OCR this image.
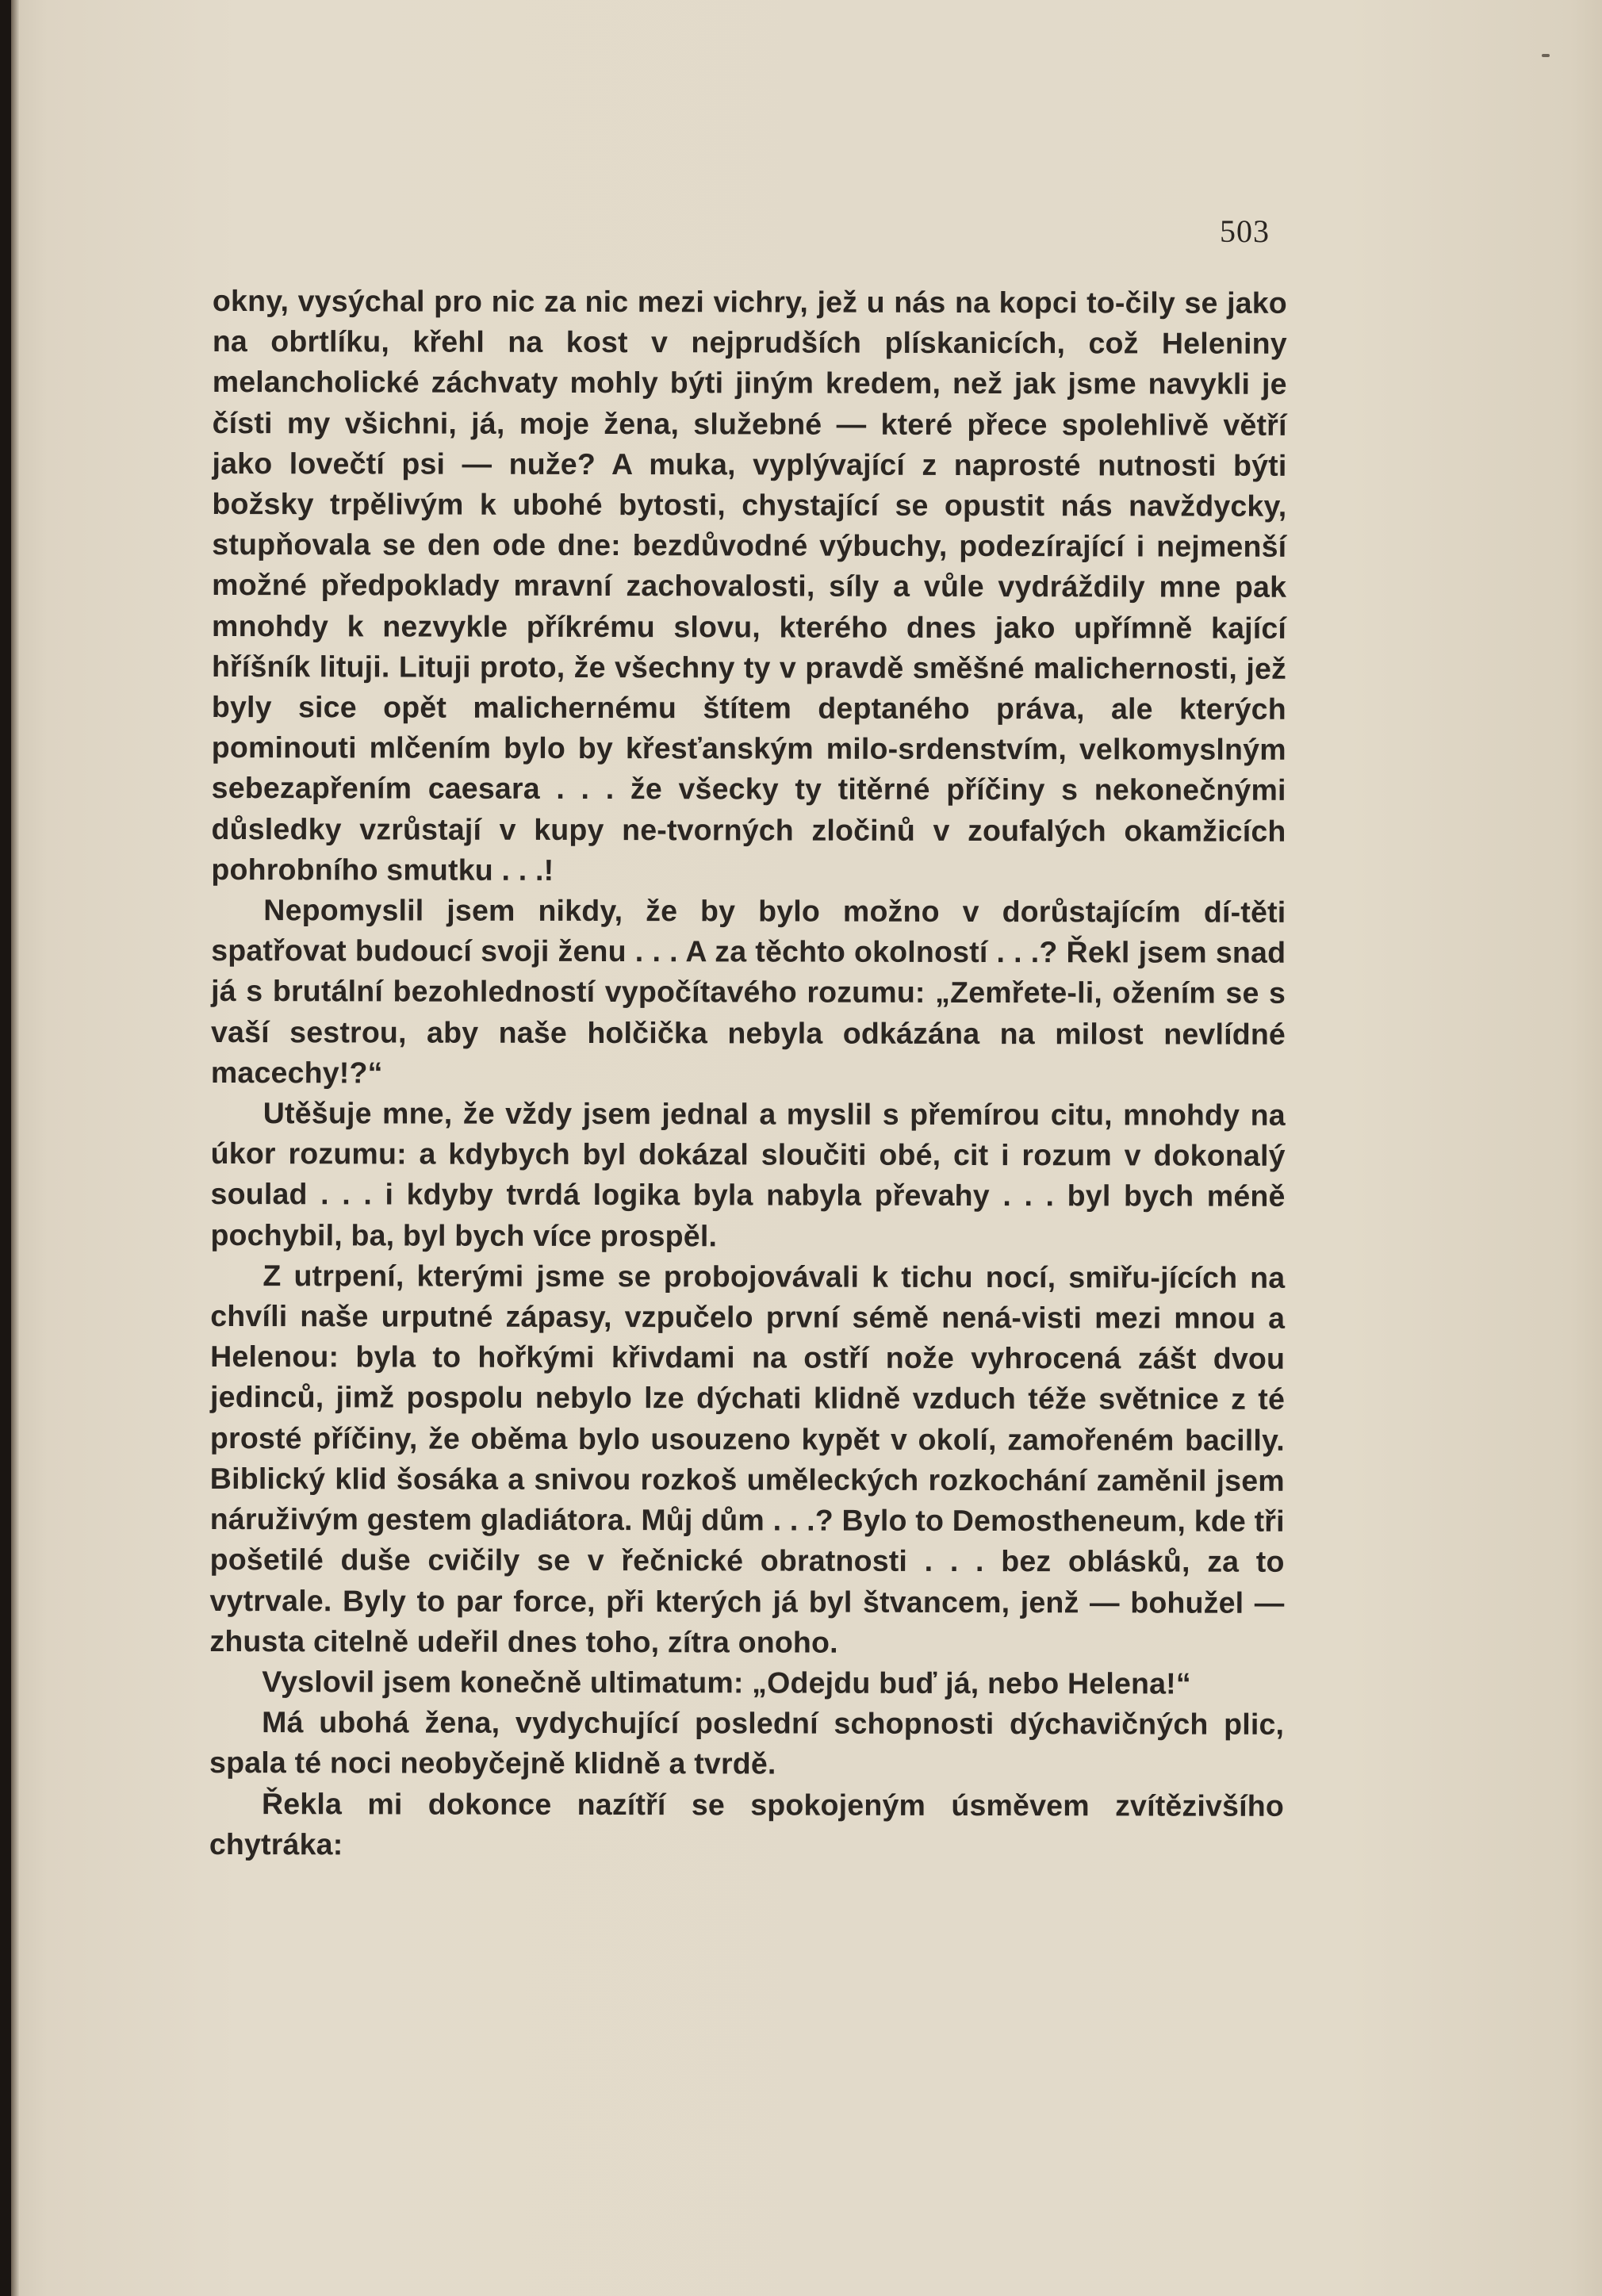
503

okny, vysýchal pro nic za nic mezi vichry, jež u nás na kopci to‑čily se jako na obrtlíku, křehl na kost v nejprudších plískanicích, což Heleniny melancholické záchvaty mohly býti jiným kredem, než jak jsme navykli je čísti my všichni, já, moje žena, služebné — které přece spolehlivě větří jako lovečtí psi — nuže? A muka, vyplývající z naprosté nutnosti býti božsky trpělivým k ubohé bytosti, chystající se opustit nás navždycky, stupňovala se den ode dne: bezdůvodné výbuchy, podezírající i nejmenší možné předpoklady mravní zachovalosti, síly a vůle vydráždily mne pak mnohdy k nezvykle příkrému slovu, kterého dnes jako upřímně kající hříšník lituji. Lituji proto, že všechny ty v pravdě směšné malichernosti, jež byly sice opět malichernému štítem deptaného práva, ale kterých pominouti mlčením bylo by křesťanským milo‑srdenstvím, velkomyslným sebezapřením caesara . . . že všecky ty titěrné příčiny s nekonečnými důsledky vzrůstají v kupy ne‑tvorných zločinů v zoufalých okamžicích pohrobního smutku . . .!

Nepomyslil jsem nikdy, že by bylo možno v dorůstajícím dí‑těti spatřovat budoucí svoji ženu . . . A za těchto okolností . . .? Řekl jsem snad já s brutální bezohledností vypočítavého rozumu: „Zemřete‑li, ožením se s vaší sestrou, aby naše holčička nebyla odkázána na milost nevlídné macechy!?“

Utěšuje mne, že vždy jsem jednal a myslil s přemírou citu, mnohdy na úkor rozumu: a kdybych byl dokázal sloučiti obé, cit i rozum v dokonalý soulad . . . i kdyby tvrdá logika byla nabyla převahy . . . byl bych méně pochybil, ba, byl bych více prospěl.

Z utrpení, kterými jsme se probojovávali k tichu nocí, smiřu‑jících na chvíli naše urputné zápasy, vzpučelo první sémě nená‑visti mezi mnou a Helenou: byla to hořkými křivdami na ostří nože vyhrocená zášt dvou jedinců, jimž pospolu nebylo lze dýchati klidně vzduch téže světnice z té prosté příčiny, že oběma bylo usouzeno kypět v okolí, zamořeném bacilly. Biblický klid šosáka a snivou rozkoš uměleckých rozkochání zaměnil jsem náruživým gestem gladiátora. Můj dům . . .? Bylo to Demostheneum, kde tři pošetilé duše cvičily se v řečnické obratnosti . . . bez oblásků, za to vytrvale. Byly to par force, při kterých já byl štvancem, jenž — bohužel — zhusta citelně udeřil dnes toho, zítra onoho.

Vyslovil jsem konečně ultimatum: „Odejdu buď já, nebo Helena!“

Má ubohá žena, vydychující poslední schopnosti dýchavičných plic, spala té noci neobyčejně klidně a tvrdě.

Řekla mi dokonce nazítří se spokojeným úsměvem zvítězivšího chytráka:
